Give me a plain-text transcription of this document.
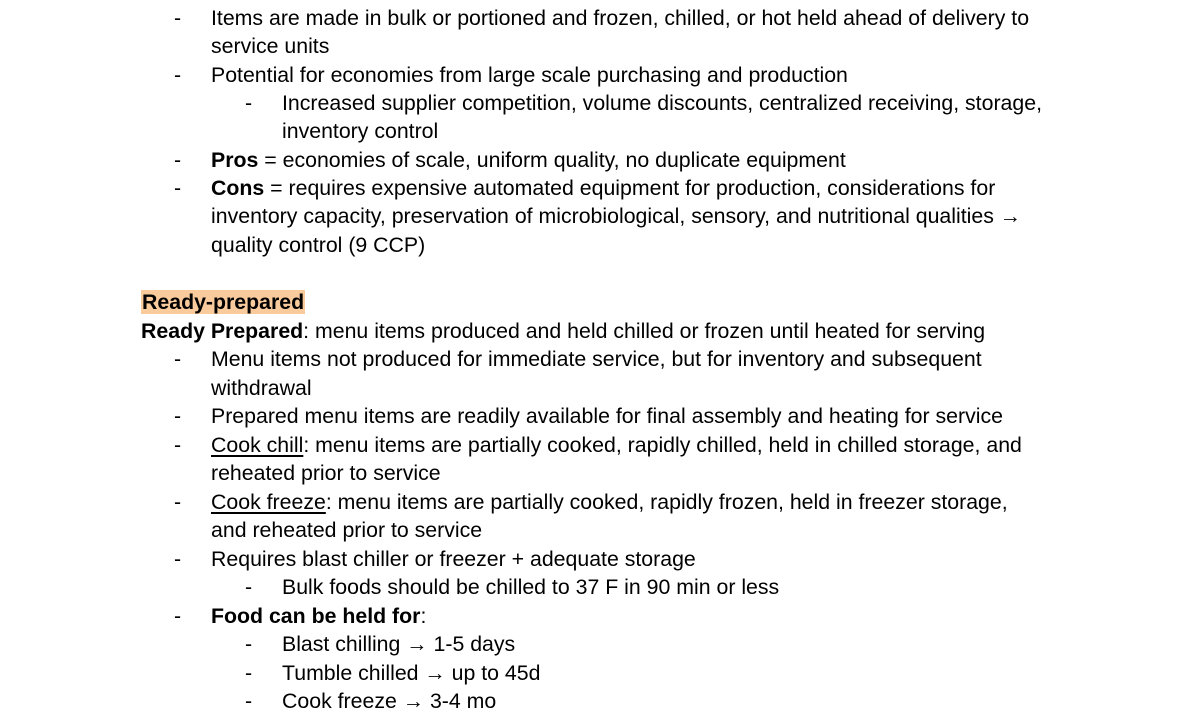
- Items are made in bulk or portioned and frozen, chilled, or hot held ahead of delivery to
service units
- Potential for economies from large scale purchasing and production
- Increased supplier competition, volume discounts, centralized receiving, storage,
inventory control
- Pros = economies of scale, uniform quality, no duplicate equipment
- Cons = requires expensive automated equipment for production, considerations for
inventory capacity, preservation of microbiological, sensory, and nutritional qualities →
quality control (9 CCP)
Ready-prepared
Ready Prepared: menu items produced and held chilled or frozen until heated for serving
- Menu items not produced for immediate service, but for inventory and subsequent
withdrawal
- Prepared menu items are readily available for final assembly and heating for service
- Cook chill: menu items are partially cooked, rapidly chilled, held in chilled storage, and
reheated prior to service
- Cook freeze: menu items are partially cooked, rapidly frozen, held in freezer storage,
and reheated prior to service
- Requires blast chiller or freezer + adequate storage
- Bulk foods should be chilled to 37 F in 90 min or less
- Food can be held for:
- Blast chilling → 1-5 days
- Tumble chilled → up to 45d
- Cook freeze → 3-4 mo
